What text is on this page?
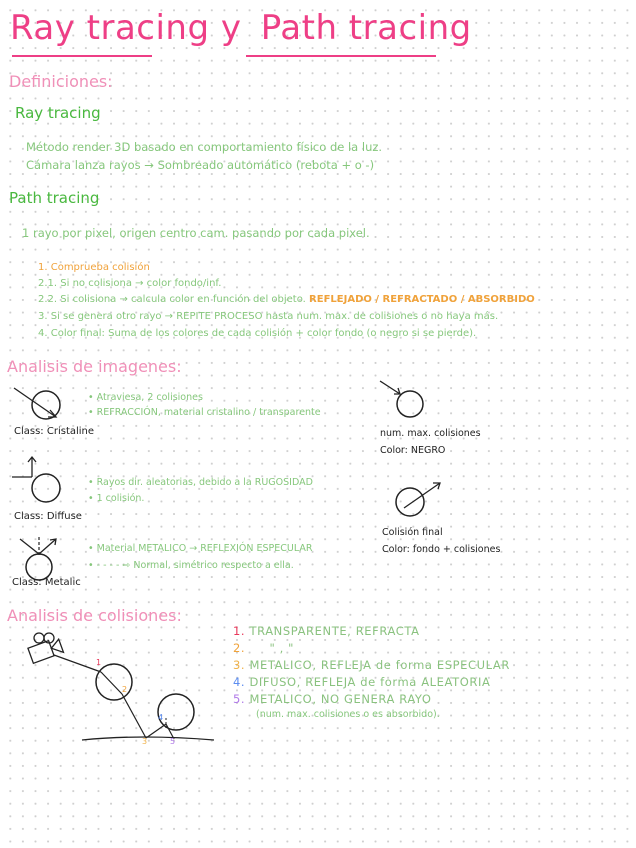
Ray tracing y Path tracing
Definiciones:
Ray tracing
Método render 3D basado en comportamiento físico de la luz.
Cámara lanza rayos → Sombreado automático (rebota + o -)
Path tracing
1 rayo por pixel, origen centro cam. pasando por cada pixel.
1. Comprueba colisión
2.1. Si no colisiona → color fondo/inf.
2.2. Si colisiona → calcula color en función del objeto. REFLEJADO / REFRACTADO / ABSORBIDO
3. Si se genera otro rayo → REPITE PROCESO hasta num. max. de colisiones o no haya más.
4. Color final: Suma de los colores de cada colisión + color fondo (o negro si se pierde).
Analisis de imagenes:
Class: Cristaline
• Atraviesa, 2 colisiones
• REFRACCIÓN, material cristalino / transparente
Class: Diffuse
• Rayos dir. aleatorias, debido a la RUGOSIDAD
• 1 colisión.
Class: Metalic
• Material METALICO → REFLEXIÓN ESPECULAR
• - - - - ⇨ Normal, simétrico respecto a ella.
num. max. colisiones
Color: NEGRO
Colisión final
Color: fondo + colisiones
Analisis de colisiones:
1
2
3
4
5
1. TRANSPARENTE, REFRACTA
2. " , "
3. METALICO, REFLEJA de forma ESPECULAR
4. DIFUSO, REFLEJA de forma ALEATORIA
5. METALICO, NO GENERA RAYO
(num. max. colisiones o es absorbido).
